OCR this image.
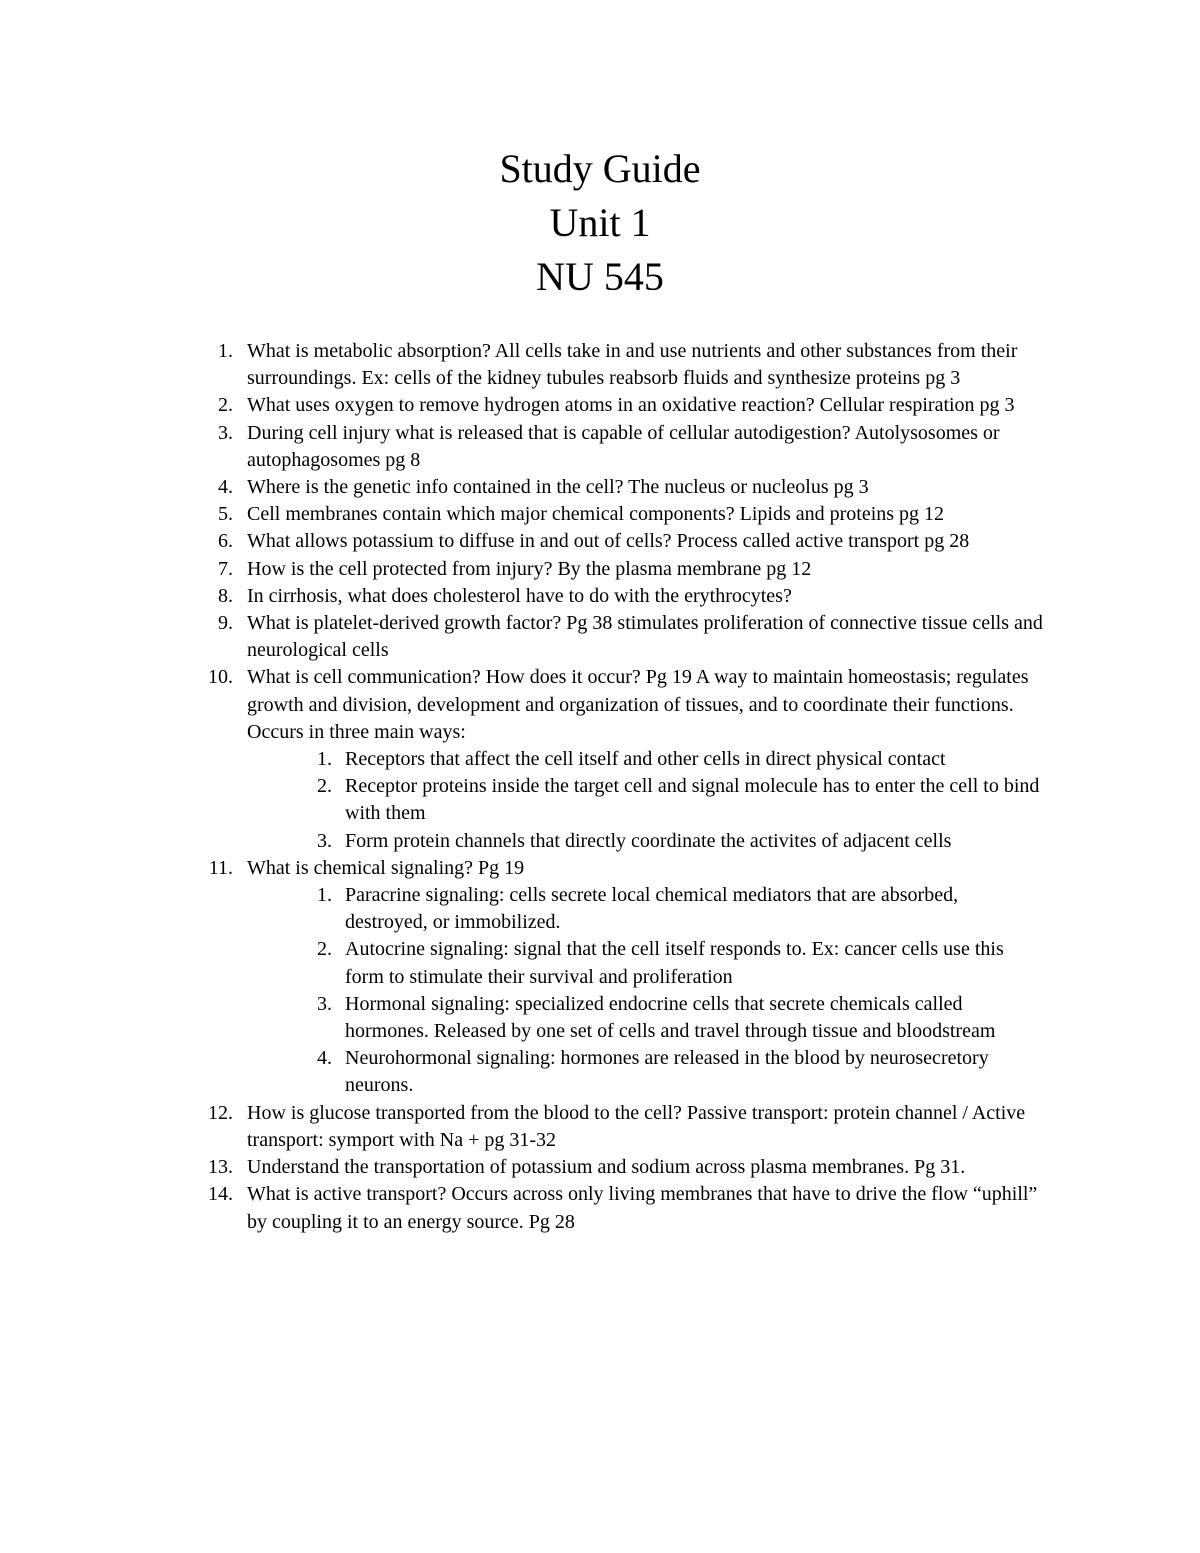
Study Guide
Unit 1
NU 545
1. What is metabolic absorption? All cells take in and use nutrients and other substances from their surroundings. Ex: cells of the kidney tubules reabsorb fluids and synthesize proteins pg 3
2. What uses oxygen to remove hydrogen atoms in an oxidative reaction? Cellular respiration pg 3
3. During cell injury what is released that is capable of cellular autodigestion? Autolysosomes or autophagosomes pg 8
4. Where is the genetic info contained in the cell? The nucleus or nucleolus pg 3
5. Cell membranes contain which major chemical components? Lipids and proteins pg 12
6. What allows potassium to diffuse in and out of cells? Process called active transport pg 28
7. How is the cell protected from injury? By the plasma membrane pg 12
8. In cirrhosis, what does cholesterol have to do with the erythrocytes?
9. What is platelet-derived growth factor? Pg 38 stimulates proliferation of connective tissue cells and neurological cells
10. What is cell communication? How does it occur? Pg 19 A way to maintain homeostasis; regulates growth and division, development and organization of tissues, and to coordinate their functions. Occurs in three main ways:
1. Receptors that affect the cell itself and other cells in direct physical contact
2. Receptor proteins inside the target cell and signal molecule has to enter the cell to bind with them
3. Form protein channels that directly coordinate the activites of adjacent cells
11. What is chemical signaling? Pg 19
1. Paracrine signaling: cells secrete local chemical mediators that are absorbed, destroyed, or immobilized.
2. Autocrine signaling: signal that the cell itself responds to. Ex: cancer cells use this form to stimulate their survival and proliferation
3. Hormonal signaling: specialized endocrine cells that secrete chemicals called hormones. Released by one set of cells and travel through tissue and bloodstream
4. Neurohormonal signaling: hormones are released in the blood by neurosecretory neurons.
12. How is glucose transported from the blood to the cell? Passive transport: protein channel / Active transport: symport with Na + pg 31-32
13. Understand the transportation of potassium and sodium across plasma membranes. Pg 31.
14. What is active transport? Occurs across only living membranes that have to drive the flow “uphill” by coupling it to an energy source. Pg 28
